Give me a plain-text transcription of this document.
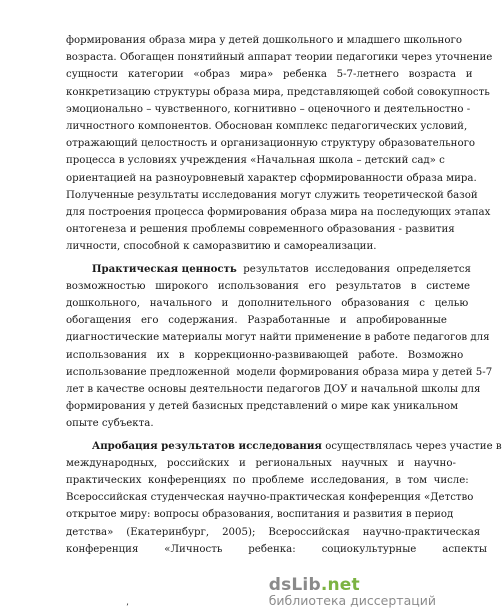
формирования образа мира у детей дошкольного и младшего школьного
возраста. Обогащен понятийный аппарат теории педагогики через уточнение
сущности   категории   «образ   мира»   ребенка   5-7-летнего   возраста   и
конкретизацию структуры образа мира, представляющей собой совокупность
эмоционально – чувственного, когнитивно – оценочного и деятельностно -
личностного компонентов. Обоснован комплекс педагогических условий,
отражающий целостность и организационную структуру образовательного
процесса в условиях учреждения «Начальная школа – детский сад» с
ориентацией на разноуровневый характер сформированности образа мира.
Полученные результаты исследования могут служить теоретической базой
для построения процесса формирования образа мира на последующих этапах
онтогенеза и решения проблемы современного образования - развития
личности, способной к саморазвитию и самореализации.
Практическая ценность  результатов  исследования  определяется
возможностью   широкого   использования   его   результатов   в   системе
дошкольного,   начального   и   дополнительного   образования   с   целью
обогащения   его   содержания.   Разработанные   и   апробированные
диагностические материалы могут найти применение в работе педагогов для
использования   их   в   коррекционно-развивающей   работе.   Возможно
использование предложенной  модели формирования образа мира у детей 5-7
лет в качестве основы деятельности педагогов ДОУ и начальной школы для
формирования у детей базисных представлений о мире как уникальном
опыте субъекта.
Апробация результатов исследования осуществлялась через участие в
международных,   российских   и   региональных   научных   и   научно-
практических  конференциях  по  проблеме  исследования,  в  том  числе:
Всероссийская студенческая научно-практическая конференция «Детство
открытое миру: вопросы образования, воспитания и развития в период
детства»    (Екатеринбург,    2005);    Всероссийская    научно-практическая
конференция        «Личность        ребенка:        социокультурные        аспекты
٬
dsLib.net
библиотека диссертаций
